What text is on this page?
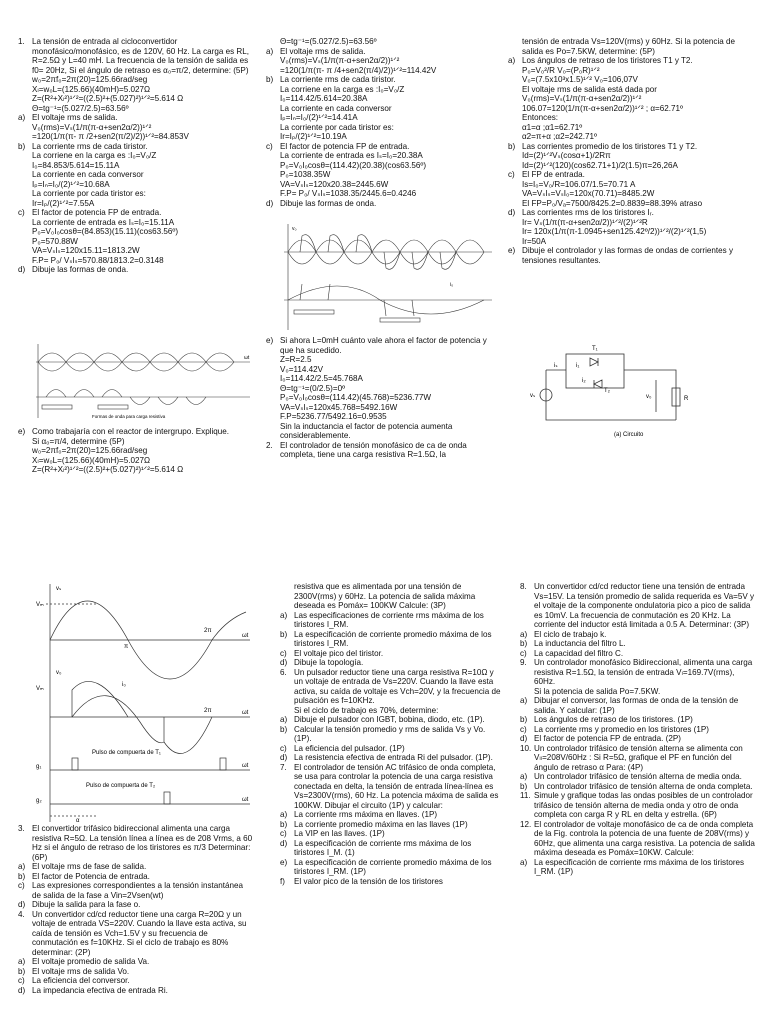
1. La tensión de entrada al cicloconvertidor monofásico/monofásico, es de 120V, 60 Hz. La carga es RL, R=2.5Ω y L=40 mH. La frecuencia de la tensión de salida es f0= 20Hz, Si el ángulo de retraso es α₀=π/2, determine: (5P)

w₀=2πf₀=2π(20)=125.66rad/seg

Xₗ=w₀L=(125.66)(40mH)=5.027Ω

Z=(R²+Xₗ²)¹ᐟ²=((2.5)²+(5.027)²)¹ᐟ²=5.614 Ω

Θ=tg⁻¹=(5.027/2.5)=63.56º

a) El voltaje rms de salida.

V₀(rms)=Vₛ(1/π(π-α+sen2α/2))¹ᐟ²

=120(1/π(π- π /2+sen2(π/2)/2))¹ᐟ²=84.853V

b) La corriente rms de cada tiristor.

La corriene en la carga es :I₀=V₀/Z

I₀=84.853/5.614=15.11A

La corriente en cada conversor

Iₚ=Iₙ=I₀/(2)¹ᐟ²=10.68A

La corriente por cada tiristor es:

Ir=Iₚ/(2)¹ᐟ²=7.55A

c) El factor de potencia FP de entrada.

La corriente de entrada es Iₛ=I₀=15.11A

P₀=V₀I₀cosθ=(84.853)(15.11)(cos63.56º)

P₀=570.88W

VA=VₛIₛ=120x15.11=1813.2W

F.P= P₀/ VₛIₛ=570.88/1813.2=0.3148

d) Dibuje las formas de onda.

ωt
Formas de onda para carga resistiva

e) Como trabajaría con el reactor de intergrupo. Explique.

Si α₀=π/4, determine (5P)

w₀=2πf₀=2π(20)=125.66rad/seg

Xₗ=w₀L=(125.66)(40mH)=5.027Ω

Z=(R²+Xₗ²)¹ᐟ²=((2.5)²+(5.027)²)¹ᐟ²=5.614 Ω

Θ=tg⁻¹=(5.027/2.5)=63.56º

a) El voltaje rms de salida.

V₀(rms)=Vₛ(1/π(π-α+sen2α/2))¹ᐟ²

=120(1/π(π- π /4+sen2(π/4)/2))¹ᐟ²=114.42V

b) La corriente rms de cada tiristor.

La corriene en la carga es :I₀=V₀/Z

I₀=114.42/5.614=20.38A

La corriente en cada conversor

Iₚ=Iₙ=I₀/(2)¹ᐟ²=14.41A

La corriente por cada tiristor es:

Ir=Iₚ/(2)¹ᐟ²=10.19A

c) El factor de potencia FP de entrada.

La corriente de entrada es Iₛ=I₀=20.38A

P₀=V₀I₀cosθ=(114.42)(20.38)(cos63.56º)

P₀=1038.35W

VA=VₛIₛ=120x20.38=2445.6W

F.P= P₀/ VₛIₛ=1038.35/2445.6=0.4246

d) Dibuje las formas de onda.

v₀
i₀

e) Si ahora L=0mH cuánto vale ahora el factor de potencia y que ha sucedido.

Z=R=2.5

V₀=114.42V

I₀=114.42/2.5=45.768A

Θ=tg⁻¹=(0/2.5)=0º

P₀=V₀I₀cosθ=(114.42)(45.768)=5236.77W

VA=VₛIₛ=120x45.768=5492.16W

F.P=5236.77/5492.16=0.9535

Sin la inductancia el factor de potencia aumenta considerablemente.

2. El controlador de tensión monofásico de ca de onda completa, tiene una carga resistiva R=1.5Ω, la

tensión de entrada Vs=120V(rms) y 60Hz. Si la potencia de salida es Po=7.5KW, determine: (5P)

a) Los ángulos de retraso de los tiristores T1 y T2.

P₀=V₀²/R V₀=(P₀R)¹ᐟ²

V₀=(7.5x10³x1.5)¹ᐟ² V₀=106,07V

El voltaje rms de salida está dada por

V₀(rms)=Vₛ(1/π(π-α+sen2α/2))¹ᐟ²

106.07=120(1/π(π-α+sen2α/2))¹ᐟ² ; α=62.71º

Entonces:

α1=α ;α1=62.71º

α2=π+α ;α2=242.71º

b) Las corrientes promedio de los tiristores T1 y T2.

Id=(2)¹ᐟ²Vₛ(cosα+1)/2Rπ

Id=(2)¹ᐟ²(120)(cos62.71+1)/2(1.5)π=26,26A

c) El FP de entrada.

Is=I₀=V₀/R=106.07/1.5=70.71 A

VA=VₛIₛ=VₛI₀=120x(70.71)=8485.2W

El FP=P₀/Vₐ=7500/8425.2=0.8839=88.39% atraso

d) Las corrientes rms de los tiristores Iᵣ.

Ir= Vₛ(1/π(π-α+sen2α/2))¹ᐟ²/(2)¹ᐟ²R

Ir= 120x(1/π(π-1.0945+sen125.42º/2))¹ᐟ²/(2)¹ᐟ²(1,5)

Ir=50A

e) Dibuje el controlador y las formas de ondas de corrientes y tensiones resultantes.

T₁
T₂
iₛ	i₁
i₂
vₛ	v₀	R
(a) Circuito
vₛ
Vₘ
Vₘ
v₀
i₀
g₁
g₂
ωt
ωt
ωt
ωt
π
2π
2π
α
Pulso de compuerta de T₁
Pulso de compuerta de T₂

3. El convertidor trifásico bidireccional alimenta una carga resistiva R=5Ω. La tensión línea a línea es de 208 Vrms, a 60 Hz si el ángulo de retraso de los tiristores es π/3 Determinar: (6P)

a) El voltaje rms de fase de salida.

b) El factor de Potencia de entrada.

c) Las expresiones correspondientes a la tensión instantánea de salida de la fase a Vin=2Vsen(wt)

d) Dibuje la salida para la fase o.

4. Un convertidor cd/cd reductor tiene una carga R=20Ω y un voltaje de entrada VS=220V. Cuando la llave esta activa, su caída de tensión es Vch=1.5V y su frecuencia de conmutación es f=10KHz. Si el ciclo de trabajo es 80% determinar: (2P)

a) El voltaje promedio de salida Va.

b) El voltaje rms de salida Vo.

c) La eficiencia del conversor.

d) La impedancia efectiva de entrada Ri.

resistiva que es alimentada por una tensión de 2300V(rms) y 60Hz. La potencia de salida máxima deseada es Pomáx= 100KW Calcule: (3P)

a) Las especificaciones de corriente rms máxima de los tiristores I_RM.

b) La especificación de corriente promedio máxima de los tiristores I_RM.

c) El voltaje pico del tiristor.

d) Dibuje la topología.

6. Un pulsador reductor tiene una carga resistiva R=10Ω y un voltaje de entrada de Vs=220V. Cuando la llave esta activa, su caída de voltaje es Vch=20V, y la frecuencia de pulsación es f=10KHz.

Si el ciclo de trabajo es 70%, determine:

a) Dibuje el pulsador con IGBT, bobina, diodo, etc. (1P).

b) Calcular la tensión promedio y rms de salida Vs y Vo. (1P).

c) La eficiencia del pulsador. (1P)

d) La resistencia efectiva de entrada Ri del pulsador. (1P).

7. El controlador de tensión AC trifásico de onda completa, se usa para controlar la potencia de una carga resistiva conectada en delta, la tensión de entrada línea-línea es Vs=2300V(rms), 60 Hz. La potencia máxima de salida es 100KW. Dibujar el circuito (1P) y calcular:

a) La corriente rms máxima en llaves. (1P)

b) La corriente promedio máxima en las llaves (1P)

c) La VIP en las llaves. (1P)

d) La especificación de corriente rms máxima de los tiristores I_M. (1)

e) La especificación de corriente promedio máxima de los tiristores I_RM. (1P)

f) El valor pico de la tensión de los tiristores

8. Un convertidor cd/cd reductor tiene una tensión de entrada Vs=15V. La tensión promedio de salida requerida es Va=5V y el voltaje de la componente ondulatoria pico a pico de salida es 10mV. La frecuencia de conmutación es 20 KHz. La corriente del inductor está limitada a 0.5 A. Determinar: (3P)

a) El ciclo de trabajo k.

b) La inductancia del filtro L.

c) La capacidad del filtro C.

9. Un controlador monofásico Bidireccional, alimenta una carga resistiva R=1.5Ω, la tensión de entrada Vₗ=169.7V(rms), 60Hz.

Si la potencia de salida Po=7.5KW.

a) Dibujar el conversor, las formas de onda de la tensión de salida. Y calcular: (1P)

b) Los ángulos de retraso de los tiristores. (1P)

c) La corriente rms y promedio en los tiristores (1P)

d) El factor de potencia FP de entrada. (2P)

10. Un controlador trifásico de tensión alterna se alimenta con Vₗₗ=208V/60Hz : Si R=5Ω, grafique el PF en función del ángulo de retraso α Para: (4P)

a) Un controlador trifásico de tensión alterna de media onda.

b) Un controlador trifásico de tensión alterna de onda completa.

11. Simule y grafique todas las ondas posibles de un controlador trifásico de tensión alterna de media onda y otro de onda completa con carga R y RL en delta y estrella. (6P)

12. El controlador de voltaje monofásico de ca de onda completa de la Fig. controla la potencia de una fuente de 208V(rms) y 60Hz, que alimenta una carga resistiva. La potencia de salida máxima deseada es Pomáx=10KW. Calcule:

a) La especificación de corriente rms máxima de los tiristores I_RM. (1P)
